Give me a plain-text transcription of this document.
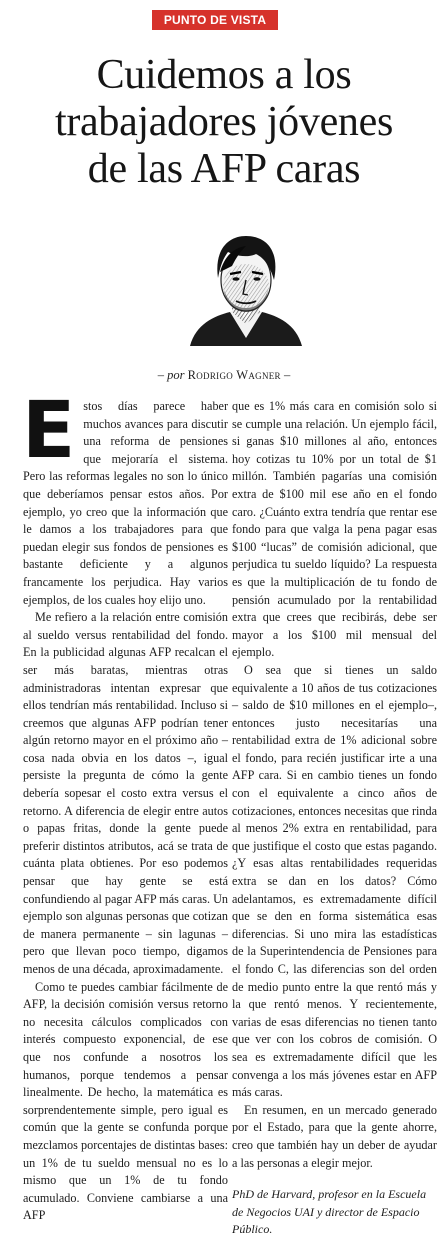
PUNTO DE VISTA
Cuidemos a los
trabajadores jóvenes
de las AFP caras
– por Rodrigo Wagner –

Estos días parece haber muchos avances para discutir una reforma de pensiones que mejoraría el sistema. Pero las reformas legales no son lo único que deberíamos pensar estos años. Por ejemplo, yo creo que la información que le damos a los trabajadores para que puedan elegir sus fondos de pensiones es bastante deficiente y a algunos francamente los perjudica. Hay varios ejemplos, de los cuales hoy elijo uno.

Me refiero a la relación entre comisión al sueldo versus rentabilidad del fondo. En la publicidad algunas AFP recalcan el ser más baratas, mientras otras administradoras intentan expresar que ellos tendrían más rentabilidad. Incluso si creemos que algunas AFP podrían tener algún retorno mayor en el próximo año – cosa nada obvia en los datos –, igual persiste la pregunta de cómo la gente debería sopesar el costo extra versus el retorno. A diferencia de elegir entre autos o papas fritas, donde la gente puede preferir distintos atributos, acá se trata de cuánta plata obtienes. Por eso podemos pensar que hay gente se está confundiendo al pagar AFP más caras. Un ejemplo son algunas personas que cotizan de manera permanente – sin lagunas – pero que llevan poco tiempo, digamos menos de una década, aproximadamente.

Como te puedes cambiar fácilmente de AFP, la decisión comisión versus retorno no necesita cálculos complicados con interés compuesto exponencial, de ese que nos confunde a nosotros los humanos, porque tendemos a pensar linealmente. De hecho, la matemática es sorprendentemente simple, pero igual es común que la gente se confunda porque mezclamos porcentajes de distintas bases: un 1% de tu sueldo mensual no es lo mismo que un 1% de tu fondo acumulado. Conviene cambiarse a una AFP

que es 1% más cara en comisión solo si se cumple una relación. Un ejemplo fácil, si ganas $10 millones al año, entonces hoy cotizas tu 10% por un total de $1 millón. También pagarías una comisión extra de $100 mil ese año en el fondo caro. ¿Cuánto extra tendría que rentar ese fondo para que valga la pena pagar esas $100 “lucas” de comisión adicional, que perjudica tu sueldo líquido? La respuesta es que la multiplicación de tu fondo de pensión acumulado por la rentabilidad extra que crees que recibirás, debe ser mayor a los $100 mil mensual del ejemplo.

O sea que si tienes un saldo equivalente a 10 años de tus cotizaciones – saldo de $10 millones en el ejemplo–, entonces justo necesitarías una rentabilidad extra de 1% adicional sobre el fondo, para recién justificar irte a una AFP cara. Si en cambio tienes un fondo con el equivalente a cinco años de cotizaciones, entonces necesitas que rinda al menos 2% extra en rentabilidad, para que justifique el costo que estas pagando. ¿Y esas altas rentabilidades requeridas extra se dan en los datos? Cómo adelantamos, es extremadamente difícil que se den en forma sistemática esas diferencias. Si uno mira las estadísticas de la Superintendencia de Pensiones para el fondo C, las diferencias son del orden de medio punto entre la que rentó más y la que rentó menos. Y recientemente, varias de esas diferencias no tienen tanto que ver con los cobros de comisión. O sea es extremadamente difícil que les convenga a los más jóvenes estar en AFP más caras.

En resumen, en un mercado generado por el Estado, para que la gente ahorre, creo que también hay un deber de ayudar a las personas a elegir mejor.

PhD de Harvard, profesor en la Escuela de Negocios UAI y director de Espacio Público.
